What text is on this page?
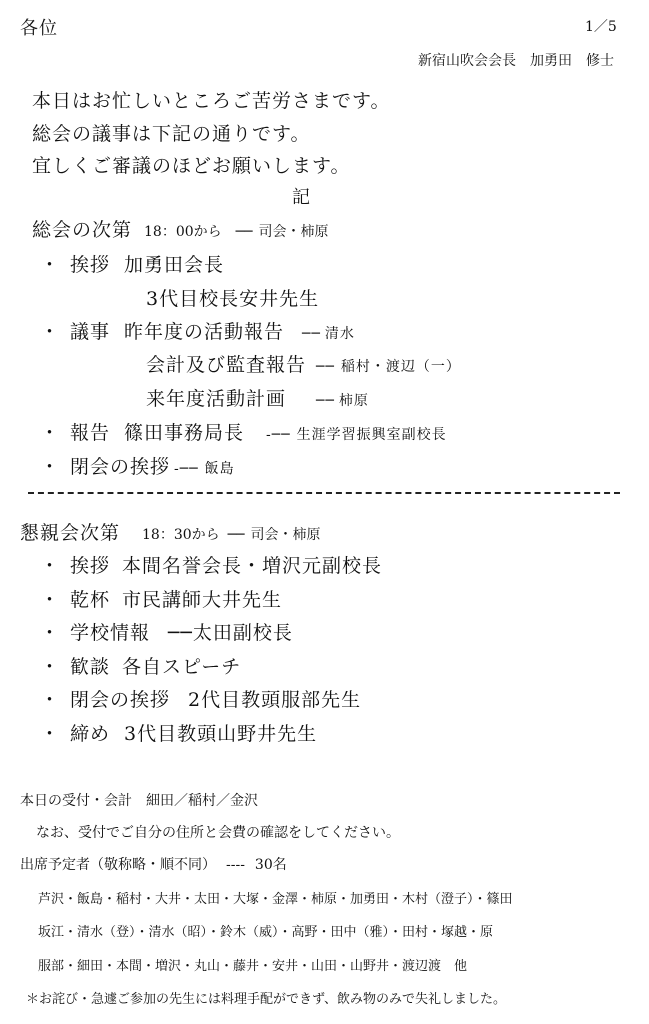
各位	1／5
新宿山吹会会長　加勇田　修士
本日はお忙しいところご苦労さまです。
総会の議事は下記の通りです。
宜しくご審議のほどお願いします。
記
総会の次第 18：00から ── 司会・柿原
・ 挨拶 加勇田会長
3代目校長安井先生
・ 議事 昨年度の活動報告 ── 清水
会計及び監査報告 ── 稲村・渡辺（一）
来年度活動計画 ── 柿原
・ 報告 篠田事務局長 -── 生涯学習振興室副校長
・ 閉会の挨拶 -── 飯島
懇親会次第 18：30から ── 司会・柿原
・ 挨拶 本間名誉会長・増沢元副校長
・ 乾杯 市民講師大井先生
・ 学校情報 ──太田副校長
・ 歓談 各自スピーチ
・ 閉会の挨拶 2代目教頭服部先生
・ 締め 3代目教頭山野井先生
本日の受付・会計　細田／稲村／金沢
なお、受付でご自分の住所と会費の確認をしてください。
出席予定者（敬称略・順不同） ---- 30名
芦沢・飯島・稲村・大井・太田・大塚・金澤・柿原・加勇田・木村（澄子）・篠田
坂江・清水（登）・清水（昭）・鈴木（威）・高野・田中（雅）・田村・塚越・原
服部・細田・本間・増沢・丸山・藤井・安井・山田・山野井・渡辺渡　他
＊お詫び・急遽ご参加の先生には料理手配ができず、飲み物のみで失礼しました。
